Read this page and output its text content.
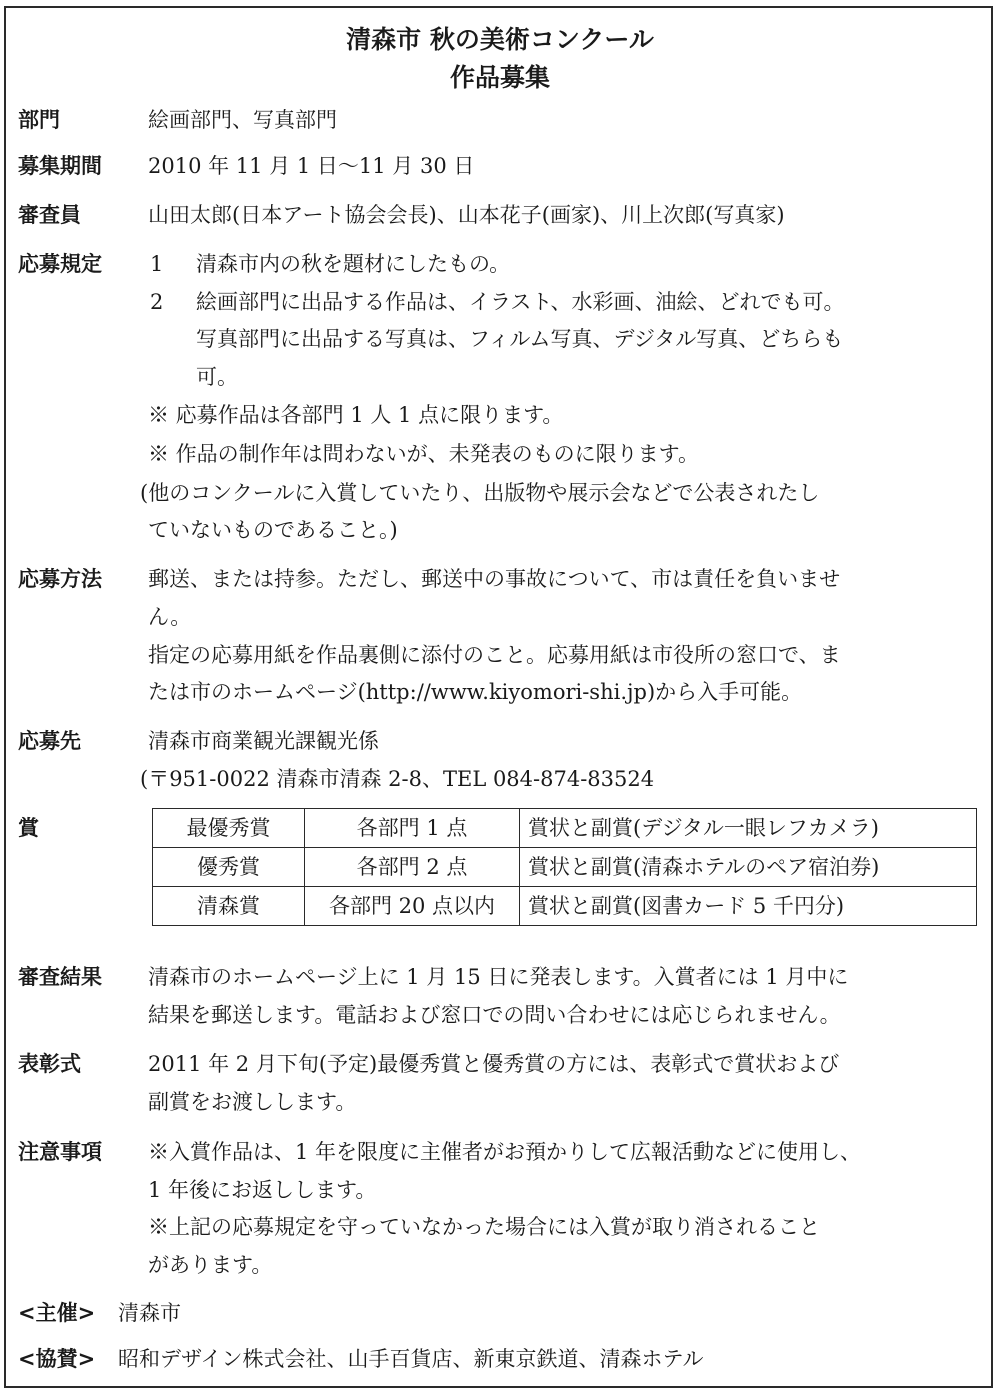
清森市 秋の美術コンクール
作品募集
部門	絵画部門、写真部門
募集期間 2010 年 11 月 1 日〜11 月 30 日
審査員	山田太郎(日本アート協会会長)、山本花子(画家)、川上次郎(写真家)
応募規定 1 清森市内の秋を題材にしたもの。
2 絵画部門に出品する作品は、イラスト、水彩画、油絵、どれでも可。
写真部門に出品する写真は、フィルム写真、デジタル写真、どちらも
可。
※ 応募作品は各部門 1 人 1 点に限ります。
※ 作品の制作年は問わないが、未発表のものに限ります。
(他のコンクールに入賞していたり、出版物や展示会などで公表されたし
ていないものであること。)
応募方法 郵送、または持参。ただし、郵送中の事故について、市は責任を負いませ
ん。
指定の応募用紙を作品裏側に添付のこと。応募用紙は市役所の窓口で、ま
たは市のホームページ(http://www.kiyomori-shi.jp)から入手可能。
応募先	清森市商業観光課観光係
(〒951-0022 清森市清森 2-8、TEL 084-874-83524
賞	最優秀賞	各部門 1 点	賞状と副賞(デジタル一眼レフカメラ)
優秀賞	各部門 2 点	賞状と副賞(清森ホテルのペア宿泊券)
清森賞	各部門 20 点以内	賞状と副賞(図書カード 5 千円分)
審査結果 清森市のホームページ上に 1 月 15 日に発表します。入賞者には 1 月中に
結果を郵送します。電話および窓口での問い合わせには応じられません。
表彰式	2011 年 2 月下旬(予定)最優秀賞と優秀賞の方には、表彰式で賞状および
副賞をお渡しします。
注意事項 ※入賞作品は、1 年を限度に主催者がお預かりして広報活動などに使用し、
1 年後にお返しします。
※上記の応募規定を守っていなかった場合には入賞が取り消されること
があります。
<主催> 清森市
<協賛> 昭和デザイン株式会社、山手百貨店、新東京鉄道、清森ホテル
